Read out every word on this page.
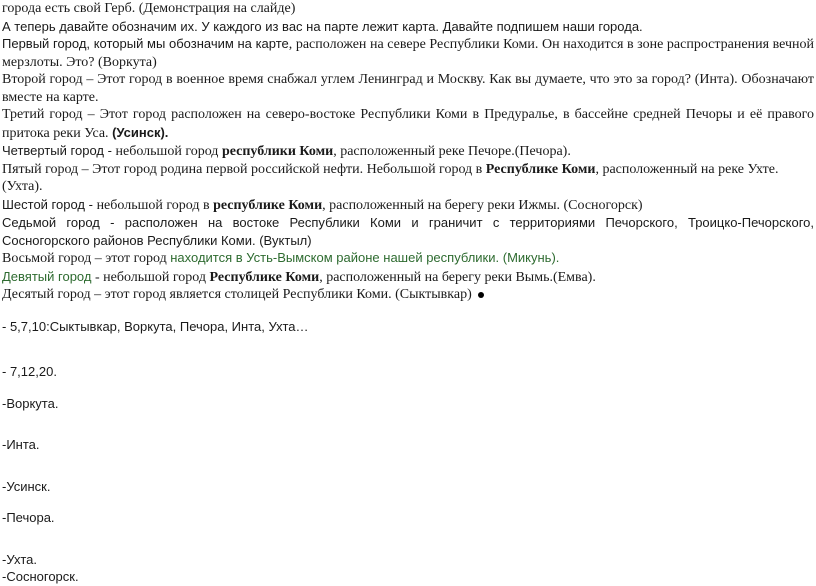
города есть свой Герб. (Демонстрация на слайде)

А теперь давайте обозначим их. У каждого из вас на парте лежит карта. Давайте подпишем наши города.

Первый город, который мы обозначим на карте, расположен на севере Республики Коми. Он находится в зоне распространения вечной мерзлоты. Это? (Воркута)

Второй город – Этот город в военное время снабжал углем Ленинград и Москву. Как вы думаете, что это за город? (Инта). Обозначают вместе на карте.

Третий город – Этот город расположен на северо-востоке Республики Коми в Предуралье, в бассейне средней Печоры и её правого притока реки Уса. (Усинск).

Четвертый город - небольшой город республики Коми, расположенный реке Печоре.(Печора).

Пятый город – Этот город родина первой российской нефти. Небольшой город в Республике Коми, расположенный на реке Ухте. (Ухта).

Шестой город - небольшой город в республике Коми, расположенный на берегу реки Ижмы. (Сосногорск)

Седьмой город - расположен на востоке Республики Коми и граничит с территориями Печорского, Троицко-Печорского, Сосногорского районов Республики Коми. (Вуктыл)

Восьмой город – этот город находится в Усть-Вымском районе нашей республики. (Микунь).

Девятый город - небольшой город Республике Коми, расположенный на берегу реки Вымь.(Емва).

Десятый город – этот город является столицей Республики Коми. (Сыктывкар)

- 5,7,10:Сыктывкар, Воркута, Печора, Инта, Ухта…

- 7,12,20.

-Воркута.

-Инта.

-Усинск.

-Печора.

-Ухта.

-Сосногорск.
